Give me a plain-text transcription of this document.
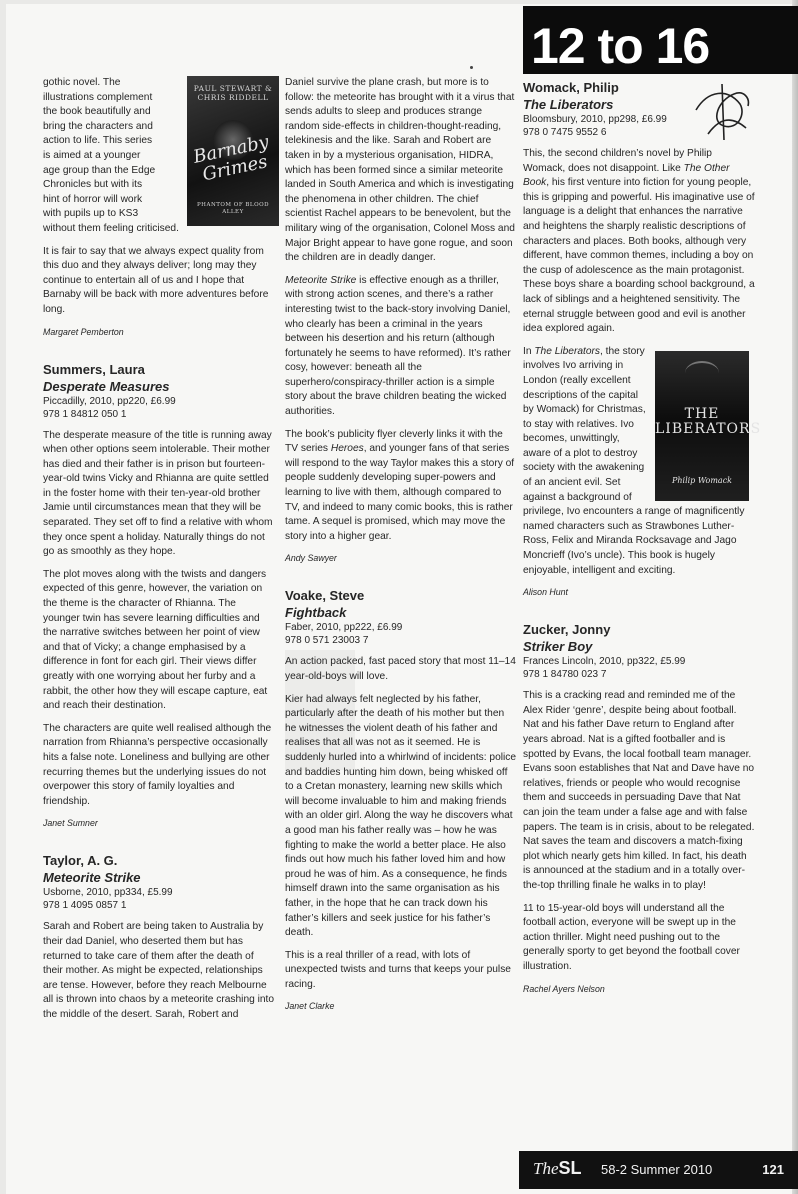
12 to 16
PAUL STEWART & CHRIS RIDDELL
Barnaby Grimes
PHANTOM OF BLOOD ALLEY

gothic novel. The
illustrations complement
the book beautifully and
bring the characters and
action to life. This series
is aimed at a younger
age group than the Edge
Chronicles but with its
hint of horror will work
with pupils up to KS3
without them feeling criticised.

It is fair to say that we always expect quality from this duo and they always deliver; long may they continue to entertain all of us and I hope that Barnaby will be back with more adventures before long.

Margaret Pemberton
Summers, Laura
Desperate Measures
Piccadilly, 2010, pp220, £6.99
978 1 84812 050 1

The desperate measure of the title is running away when other options seem intolerable. Their mother has died and their father is in prison but fourteen-year-old twins Vicky and Rhianna are quite settled in the foster home with their ten-year-old brother Jamie until circumstances mean that they will be separated. They set off to find a relative with whom they once spent a holiday. Naturally things do not go as smoothly as they hope.

The plot moves along with the twists and dangers expected of this genre, however, the variation on the theme is the character of Rhianna. The younger twin has severe learning difficulties and the narrative switches between her point of view and that of Vicky; a change emphasised by a difference in font for each girl. Their views differ greatly with one worrying about her furby and a rabbit, the other how they will escape capture, eat and reach their destination.

The characters are quite well realised although the narration from Rhianna’s perspective occasionally hits a false note. Loneliness and bullying are other recurring themes but the underlying issues do not overpower this story of family loyalties and friendship.

Janet Sumner
Taylor, A. G.
Meteorite Strike
Usborne, 2010, pp334, £5.99
978 1 4095 0857 1

Sarah and Robert are being taken to Australia by their dad Daniel, who deserted them but has returned to take care of them after the death of their mother. As might be expected, relationships are tense. However, before they reach Melbourne all is thrown into chaos by a meteorite crashing into the middle of the desert. Sarah, Robert and

Daniel survive the plane crash, but more is to follow: the meteorite has brought with it a virus that sends adults to sleep and produces strange random side-effects in children-thought-reading, telekinesis and the like. Sarah and Robert are taken in by a mysterious organisation, HIDRA, which has been formed since a similar meteorite landed in South America and which is investigating the phenomena in other children. The chief scientist Rachel appears to be benevolent, but the military wing of the organisation, Colonel Moss and Major Bright appear to have gone rogue, and soon the children are in deadly danger.

Meteorite Strike is effective enough as a thriller, with strong action scenes, and there’s a rather interesting twist to the back-story involving Daniel, who clearly has been a criminal in the years between his desertion and his return (although fortunately he seems to have reformed). It’s rather cosy, however: beneath all the superhero/conspiracy-thriller action is a simple story about the brave children beating the wicked authorities.

The book’s publicity flyer cleverly links it with the TV series Heroes, and younger fans of that series will respond to the way Taylor makes this a story of people suddenly developing super-powers and learning to live with them, although compared to TV, and indeed to many comic books, this is rather tame. A sequel is promised, which may move the story into a higher gear.

Andy Sawyer
Voake, Steve
Fightback
Faber, 2010, pp222, £6.99
978 0 571 23003 7

An action packed, fast paced story that most 11–14 year-old-boys will love.

Kier had always felt neglected by his father, particularly after the death of his mother but then he witnesses the violent death of his father and realises that all was not as it seemed. He is suddenly hurled into a whirlwind of incidents: police and baddies hunting him down, being whisked off to a Cretan monastery, learning new skills which will become invaluable to him and making friends with an older girl. Along the way he discovers what a good man his father really was – how he was fighting to make the world a better place. He also finds out how much his father loved him and how proud he was of him. As a consequence, he finds himself drawn into the same organisation as his father, in the hope that he can track down his father’s killers and seek justice for his father’s death.

This is a real thriller of a read, with lots of unexpected twists and turns that keeps your pulse racing.

Janet Clarke
Womack, Philip
The Liberators
Bloomsbury, 2010, pp298, £6.99
978 0 7475 9552 6

This, the second children’s novel by Philip Womack, does not disappoint. Like The Other Book, his first venture into fiction for young people, this is gripping and powerful. His imaginative use of language is a delight that enhances the narrative and heightens the sharply realistic descriptions of characters and places. Both books, although very different, have common themes, including a boy on the cusp of adolescence as the main protagonist. These boys share a boarding school background, a lack of siblings and a heightened sensitivity. The eternal struggle between good and evil is another idea explored again.

THE LIBERATORS
Philip Womack

In The Liberators, the story involves Ivo arriving in London (really excellent descriptions of the capital by Womack) for Christmas, to stay with relatives. Ivo becomes, unwittingly, aware of a plot to destroy society with the awakening of an ancient evil. Set against a background of privilege, Ivo encounters a range of magnificently named characters such as Strawbones Luther-Ross, Felix and Miranda Rocksavage and Jago Moncrieff (Ivo’s uncle). This book is hugely enjoyable, intelligent and exciting.

Alison Hunt
Zucker, Jonny
Striker Boy
Frances Lincoln, 2010, pp322, £5.99
978 1 84780 023 7

This is a cracking read and reminded me of the Alex Rider ‘genre’, despite being about football. Nat and his father Dave return to England after years abroad. Nat is a gifted footballer and is spotted by Evans, the local football team manager. Evans soon establishes that Nat and Dave have no relatives, friends or people who would recognise them and succeeds in persuading Dave that Nat can join the team under a false age and with false papers. The team is in crisis, about to be relegated. Nat saves the team and discovers a match-fixing plot which nearly gets him killed. In fact, his death is announced at the stadium and in a totally over-the-top thrilling finale he walks in to play!

11 to 15-year-old boys will understand all the football action, everyone will be swept up in the action thriller. Might need pushing out to the generally sporty to get beyond the football cover illustration.

Rachel Ayers Nelson
TheSL 58-2 Summer 2010	121
